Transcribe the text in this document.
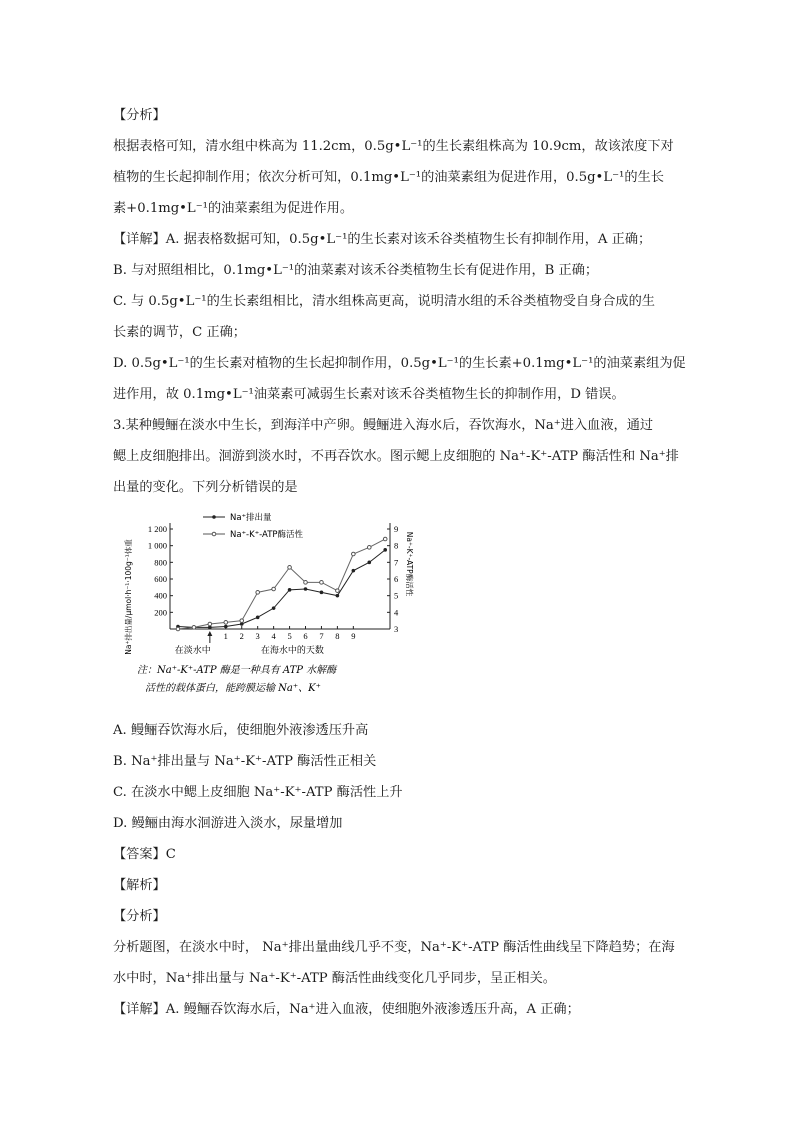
【分析】
根据表格可知，清水组中株高为 11.2cm，0.5g•L⁻¹的生长素组株高为 10.9cm，故该浓度下对
植物的生长起抑制作用；依次分析可知，0.1mg•L⁻¹的油菜素组为促进作用，0.5g•L⁻¹的生长
素+0.1mg•L⁻¹的油菜素组为促进作用。
【详解】A. 据表格数据可知，0.5g•L⁻¹的生长素对该禾谷类植物生长有抑制作用，A 正确；
B. 与对照组相比，0.1mg•L⁻¹的油菜素对该禾谷类植物生长有促进作用，B 正确；
C. 与 0.5g•L⁻¹的生长素组相比，清水组株高更高，说明清水组的禾谷类植物受自身合成的生
长素的调节，C 正确；
D. 0.5g•L⁻¹的生长素对植物的生长起抑制作用，0.5g•L⁻¹的生长素+0.1mg•L⁻¹的油菜素组为促
进作用，故 0.1mg•L⁻¹油菜素可减弱生长素对该禾谷类植物生长的抑制作用，D 错误。
3.某种鳗鲡在淡水中生长，到海洋中产卵。鳗鲡进入海水后，吞饮海水，Na⁺进入血液，通过
鳃上皮细胞排出。洄游到淡水时，不再吞饮水。图示鳃上皮细胞的 Na⁺-K⁺-ATP 酶活性和 Na⁺排
出量的变化。下列分析错误的是
200
400
600
800
1 000
1 200
3
4
5
6
7
8
9
1 2 3 4 5 6 7 8 9
在淡水中	在海水中的天数
Na⁺排出量/μmol·h⁻¹·100g⁻¹体重	Na⁺-K⁺-ATP酶活性
Na⁺排出量
Na⁺-K⁺-ATP酶活性
注：Na⁺-K⁺-ATP 酶是一种具有 ATP 水解酶
活性的载体蛋白，能跨膜运输 Na⁺、K⁺
A. 鳗鲡吞饮海水后，使细胞外液渗透压升高
B. Na⁺排出量与 Na⁺-K⁺-ATP 酶活性正相关
C. 在淡水中鳃上皮细胞 Na⁺-K⁺-ATP 酶活性上升
D. 鳗鲡由海水洄游进入淡水，尿量增加
【答案】C
【解析】
【分析】
分析题图，在淡水中时， Na⁺排出量曲线几乎不变，Na⁺-K⁺-ATP 酶活性曲线呈下降趋势；在海
水中时，Na⁺排出量与 Na⁺-K⁺-ATP 酶活性曲线变化几乎同步，呈正相关。
【详解】A. 鳗鲡吞饮海水后，Na⁺进入血液，使细胞外液渗透压升高，A 正确；
